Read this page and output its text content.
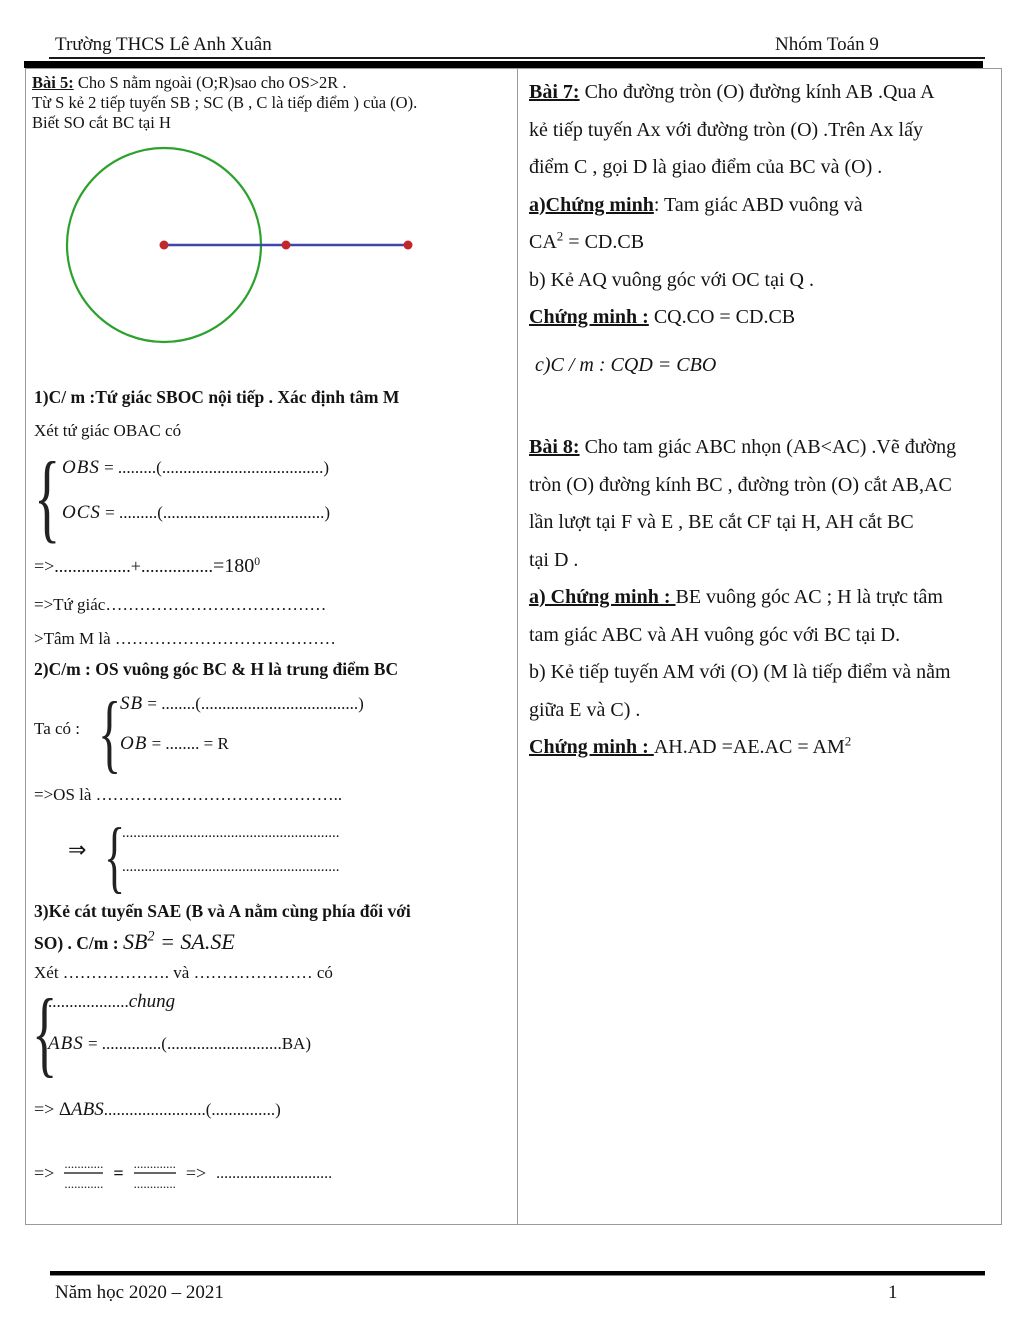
Trường THCS Lê Anh Xuân	Nhóm Toán 9
Bài 5: Cho S nằm ngoài (O;R)sao cho OS>2R .
Từ S kẻ 2 tiếp tuyến SB ; SC (B , C là tiếp điểm ) của (O).
Biết SO cắt BC tại H
1)C/ m :Tứ giác SBOC nội tiếp . Xác định tâm M
Xét tứ giác OBAC có
{ OBS = .........(......................................)
OCS = .........(......................................)
$=>.................+................=180^0$
=>Tứ giác…………………………………
>Tâm M là …………………………………
2)C/m : OS vuông góc BC & H là trung điểm BC
Ta có : {
SB = ........(.....................................)
OB = ........ = R
=>OS là ……………………………………..
⇒ {
..........................................................
..........................................................
3)Kẻ cát tuyến SAE (B và A nằm cùng phía đối với
SO) . C/m : $SB^2 = SA.SE$
Xét ………………. và ………………… có
{
...................chung
ABS = ..............(...........................BA)
=> ΔABS........................(...............)
=> $\frac{............}{............} = \frac{.............}{.............}$ => .............................
Bài 7: Cho đường tròn (O) đường kính AB .Qua A
kẻ tiếp tuyến Ax với đường tròn (O) .Trên Ax lấy
điểm C , gọi D là giao điểm của BC và (O) .
a)Chứng minh: Tam giác ABD vuông và
$CA^2 = CD.CB$
b) Kẻ AQ vuông góc với OC tại Q .
Chứng minh : CQ.CO = CD.CB
c)C / m : CQD = CBO
Bài 8: Cho tam giác ABC nhọn (AB<AC) .Vẽ đường
tròn (O) đường kính BC , đường tròn (O) cắt AB,AC
lần lượt tại F và E , BE cắt CF tại H, AH cắt BC
tại D .
a) Chứng minh : BE vuông góc AC ; H là trực tâm
tam giác ABC và AH vuông góc với BC tại D.
b) Kẻ tiếp tuyến AM với (O) (M là tiếp điểm và nằm
giữa E và C) .
Chứng minh : $AH.AD =AE.AC = AM^2$
Năm học 2020 – 2021	1
